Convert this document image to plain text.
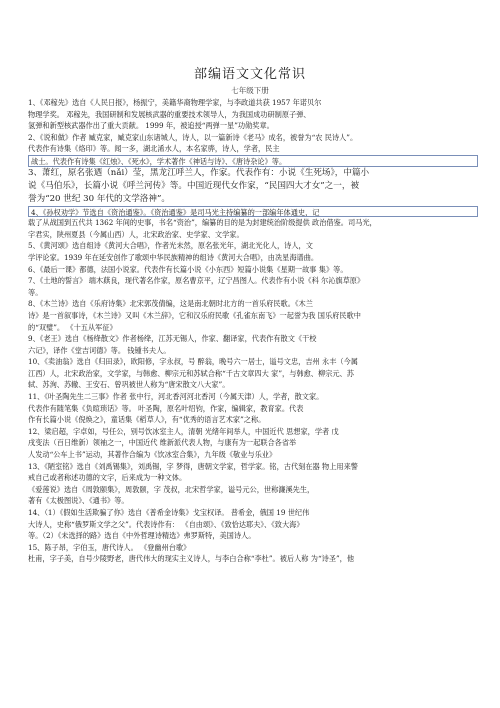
部编语文文化常识
七年级下册
1、《邓稼先》选自《人民日报》，杨振宁，美籍华裔物理学家，与李政道共获 1957 年诺贝尔
物理学奖。 邓稼先，我国研制和发展核武器的重要技术领导人，为我国成功研制原子弹、
氢弹和新型核武器作出了重大贡献。 1999 年，被追授“两弹一星”功勋奖章。
2、《说和做》作者 臧克家，臧克家山东诸城人，诗人，以一篇新诗《老马》成名，被誉为“农 民诗人”。
代表作有诗集《烙印》等。闻一多，湖北浠水人，本名家骅，诗人，学者，民主
战士。代表作有诗集《红烛》、《死水》，学术著作《神话与诗》、《唐诗杂论》等。
3、萧红，原名张迺（nǎi）莹，黑龙江呼兰人，作家。代表作有：小说《生死场》，中篇小
说《马伯乐》，长篇小说《呼兰河传》等。中国近现代女作家，“民国四大才女”之一，被
誉为“20 世纪 30 年代的文学洛神”。
4、《孙权劝学》节选自《资治通鉴》。《资治通鉴》是司马光主持编纂的一部编年体通史，记
载了从战国到五代共 1362 年间的史事，书名“资治”，编纂的目的是为封建统治阶级提供 政治借鉴。司马光，
字君实，陕州夏县（今属山西）人，北宋政治家、史学家、文学家。
5、《黄河颂》选自组诗《黄河大合唱》，作者光未然，原名张光年，湖北光化人，诗人，文
学评论家。1939 年在延安创作了歌颂中华民族精神的组诗《黄河大合唱》，由冼星海谱曲。
6、《最后一课》都德，法国小说家。代表作有长篇小说《小东西》短篇小说集《星期一故事 集》等。
7、《土地的誓言》 端木蕻良，现代著名作家，原名曹京平，辽宁昌图人。代表作有小说《科 尔沁旗草原》
等。
8、《木兰诗》选自《乐府诗集》北宋郭茂倩编，这是南北朝时北方的一首乐府民歌。《木兰
诗》是一首叙事诗，《木兰诗》又叫《木兰辞》，它和汉乐府民歌《孔雀东南飞》一起誉为我 国乐府民歌中
的“双璧”。 《十五从军征》
9、《老王》选自《杨绛散文》作者杨绛，江苏无锡人，作家、翻译家，代表作有散文《干校
六记》，译作《堂吉诃德》等。 钱锺书夫人。
10、《卖油翁》选自《归田录》，欧阳修，字永叔，号 醉翁，晚号六一居士，谥号文忠，吉州 永丰（今属
江西）人，北宋政治家，文学家，与韩愈、柳宗元和苏轼合称“千古文章四大 家”，与韩愈、柳宗元、苏
轼、苏洵、苏辙、王安石、曾巩被世人称为“唐宋散文八大家”。
11、《叶圣陶先生二三事》作者 张中行，河北香河河北香河（今属天津）人，学者，散文家。
代表作有随笔集《负暄琐话》等。 叶圣陶，原名叶绍钧，作家，编辑家，教育家。代表
作有长篇小说《倪焕之》，童话集《稻草人》，有“优秀的语言艺术家”之称。
12、梁启超，字卓如，号任公，别号饮冰室主人，清朝 光绪年间举人，中国近代 思想家，学者 戊
戌变法（百日维新）领袖之一，中国近代 维新派代表人物，与康有为一起联合各省举
人发动“公车上书”运动，其著作合编为《饮冰室合集》，九年级《敬业与乐业》
13、《陋室铭》选自《刘禹锡集》，刘禹锡，字 梦得，唐朝文学家，哲学家。铭，古代刻在器 物上用来警
戒自己或者称述功德的文字，后来成为一种文体。
《爱莲说》选自《周敦颐集》，周敦颐，字 茂叔，北宋哲学家，谥号元公，世称濂溪先生，
著有《太极图说》、《通书》等。
14、（1）《假如生活欺骗了你》选自《普希金诗集》戈宝权译。 普希金，俄国 19 世纪伟
大诗人，史称“俄罗斯文学之父”。代表诗作有： 《自由颂》、《致恰达耶夫》、《致大海》
等。（2）《未选择的路》选自《中外哲理诗精选》弗罗斯特，美国诗人。
15、陈子昂，字伯玉，唐代诗人。 《登幽州台歌》
杜甫，字子美，自号少陵野老，唐代伟大的现实主义诗人，与李白合称“李杜”。被后人称 为“诗圣”，他
